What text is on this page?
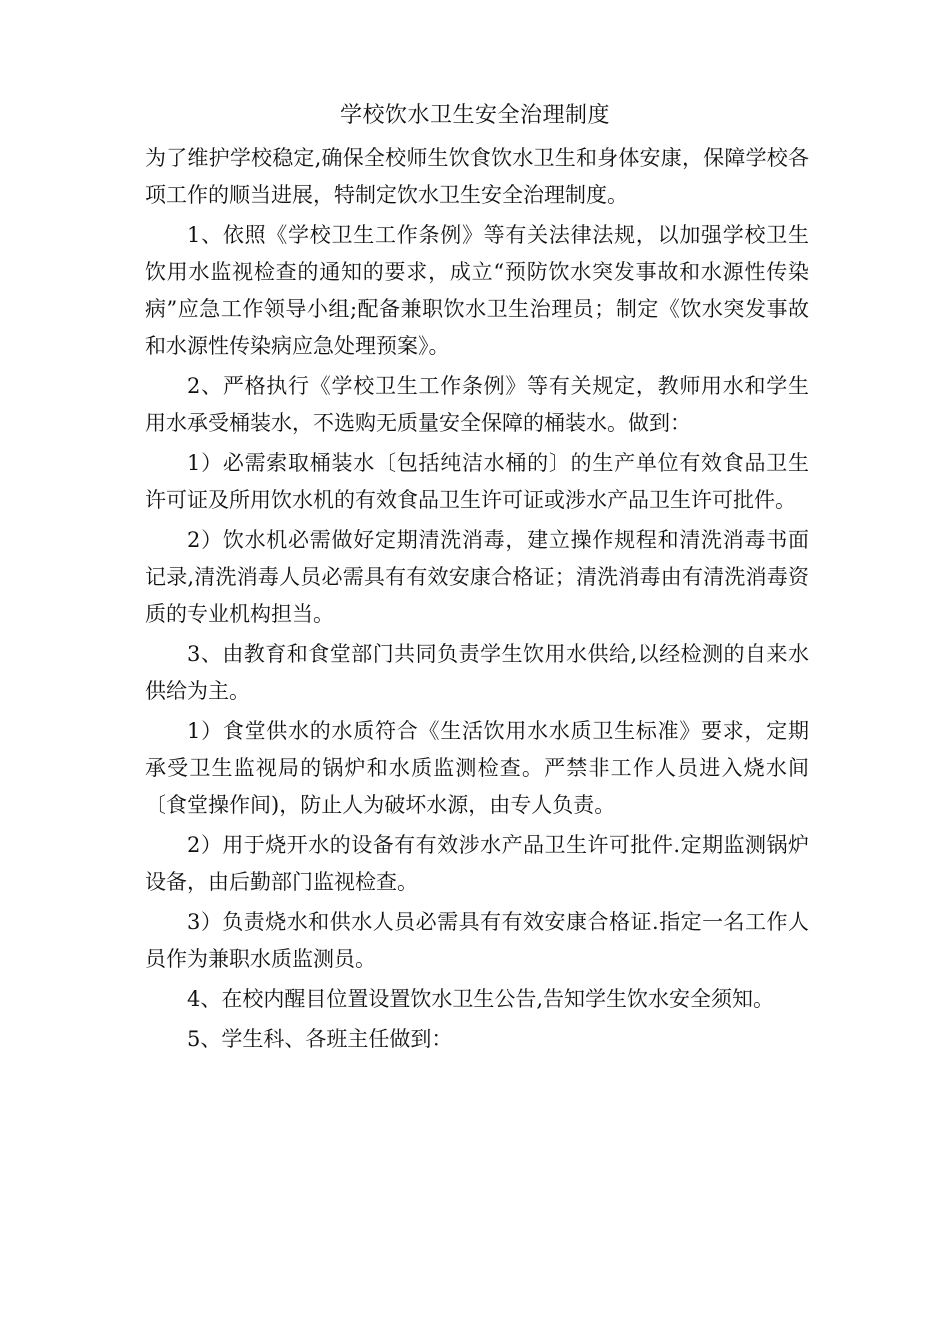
学校饮水卫生安全治理制度

为了维护学校稳定,确保全校师生饮食饮水卫生和身体安康，保障学校各项工作的顺当进展，特制定饮水卫生安全治理制度。

1、依照《学校卫生工作条例》等有关法律法规，以加强学校卫生饮用水监视检查的通知的要求，成立“预防饮水突发事故和水源性传染病”应急工作领导小组;配备兼职饮水卫生治理员；制定《饮水突发事故和水源性传染病应急处理预案》。

2、严格执行《学校卫生工作条例》等有关规定，教师用水和学生用水承受桶装水，不选购无质量安全保障的桶装水。做到：

1）必需索取桶装水〔包括纯洁水桶的〕的生产单位有效食品卫生许可证及所用饮水机的有效食品卫生许可证或涉水产品卫生许可批件。

2）饮水机必需做好定期清洗消毒，建立操作规程和清洗消毒书面记录,清洗消毒人员必需具有有效安康合格证；清洗消毒由有清洗消毒资质的专业机构担当。

3、由教育和食堂部门共同负责学生饮用水供给,以经检测的自来水供给为主。

1）食堂供水的水质符合《生活饮用水水质卫生标准》要求，定期承受卫生监视局的锅炉和水质监测检查。严禁非工作人员进入烧水间〔食堂操作间)，防止人为破坏水源，由专人负责。

2）用于烧开水的设备有有效涉水产品卫生许可批件.定期监测锅炉设备，由后勤部门监视检查。

3）负责烧水和供水人员必需具有有效安康合格证.指定一名工作人员作为兼职水质监测员。

4、在校内醒目位置设置饮水卫生公告,告知学生饮水安全须知。

5、学生科、各班主任做到：
